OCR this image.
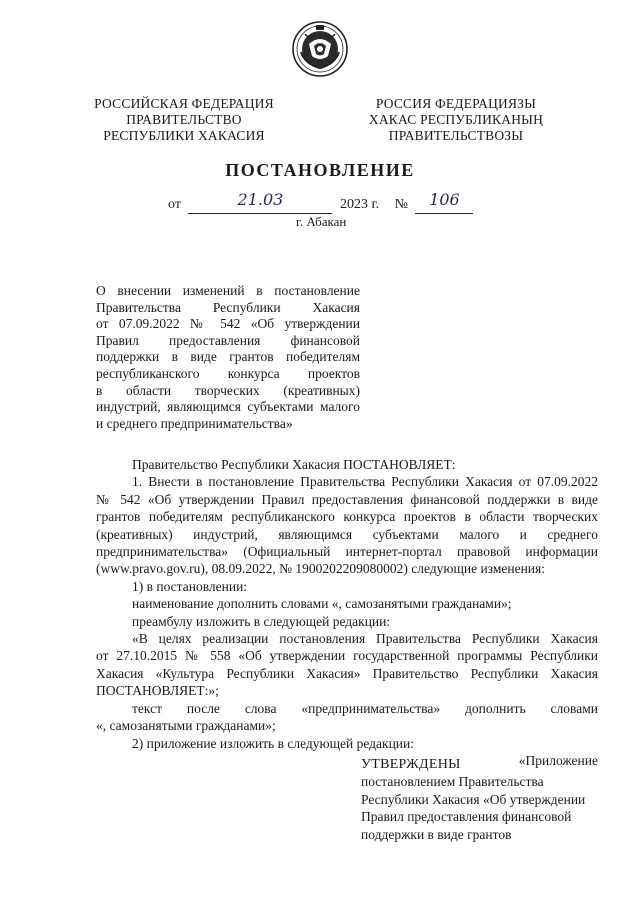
РОССИЙСКАЯ ФЕДЕРАЦИЯ
ПРАВИТЕЛЬСТВО
РЕСПУБЛИКИ ХАКАСИЯ
РОССИЯ ФЕДЕРАЦИЯЗЫ
ХАКАС РЕСПУБЛИКАНЫҢ
ПРАВИТЕЛЬСТВОЗЫ
ПОСТАНОВЛЕНИЕ
от	21.03	2023 г. № 106
г. Абакан
О внесении изменений в постановление
Правительства Республики Хакасия
от 07.09.2022 № 542 «Об утверждении
Правил предоставления финансовой
поддержки в виде грантов победителям
республиканского конкурса проектов
в области творческих (креативных)
индустрий, являющимся субъектами малого
и среднего предпринимательства»
Правительство Республики Хакасия ПОСТАНОВЛЯЕТ:
1. Внести в постановление Правительства Республики Хакасия от 07.09.2022
№ 542 «Об утверждении Правил предоставления финансовой поддержки в виде
грантов победителям республиканского конкурса проектов в области творческих
(креативных) индустрий, являющимся субъектами малого и среднего
предпринимательства» (Официальный интернет-портал правовой информации
(www.pravo.gov.ru), 08.09.2022, № 1900202209080002) следующие изменения:
1) в постановлении:
наименование дополнить словами «, самозанятыми гражданами»;
преамбулу изложить в следующей редакции:
«В целях реализации постановления Правительства Республики Хакасия
от 27.10.2015 № 558 «Об утверждении государственной программы Республики
Хакасия «Культура Республики Хакасия» Правительство Республики Хакасия
ПОСТАНОВЛЯЕТ:»;
текст после слова «предпринимательства» дополнить словами
«, самозанятыми гражданами»;
2) приложение изложить в следующей редакции:
«Приложение
УТВЕРЖДЕНЫ
постановлением Правительства
Республики Хакасия «Об утверждении
Правил предоставления финансовой
поддержки в виде грантов
